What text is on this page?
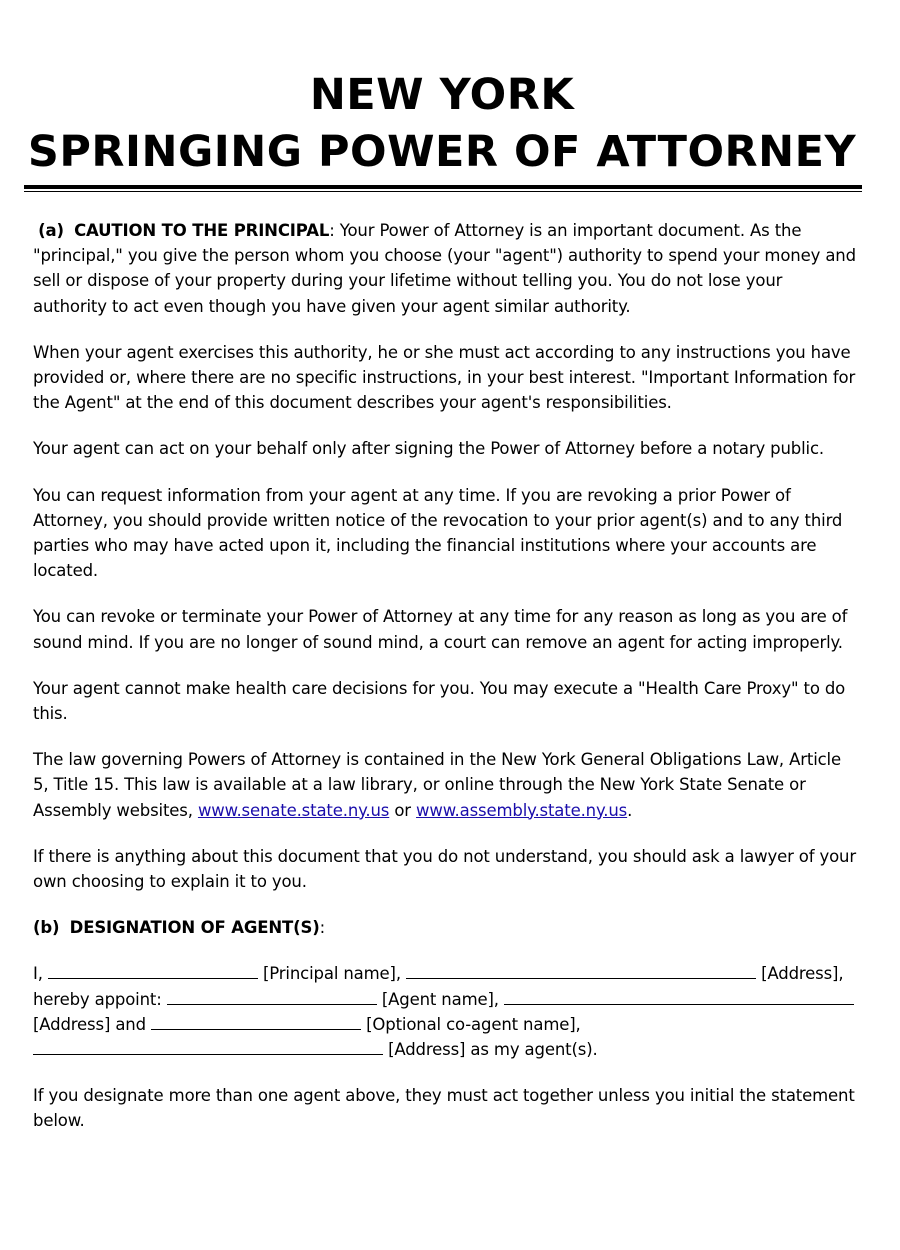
NEW YORK
SPRINGING POWER OF ATTORNEY

(a) CAUTION TO THE PRINCIPAL: Your Power of Attorney is an important document. As the "principal," you give the person whom you choose (your "agent") authority to spend your money and sell or dispose of your property during your lifetime without telling you. You do not lose your authority to act even though you have given your agent similar authority.

When your agent exercises this authority, he or she must act according to any instructions you have provided or, where there are no specific instructions, in your best interest. "Important Information for the Agent" at the end of this document describes your agent's responsibilities.

Your agent can act on your behalf only after signing the Power of Attorney before a notary public.

You can request information from your agent at any time. If you are revoking a prior Power of Attorney, you should provide written notice of the revocation to your prior agent(s) and to any third parties who may have acted upon it, including the financial institutions where your accounts are located.

You can revoke or terminate your Power of Attorney at any time for any reason as long as you are of sound mind. If you are no longer of sound mind, a court can remove an agent for acting improperly.

Your agent cannot make health care decisions for you. You may execute a "Health Care Proxy" to do this.

The law governing Powers of Attorney is contained in the New York General Obligations Law, Article 5, Title 15. This law is available at a law library, or online through the New York State Senate or Assembly websites, www.senate.state.ny.us or www.assembly.state.ny.us.

If there is anything about this document that you do not understand, you should ask a lawyer of your own choosing to explain it to you.

(b) DESIGNATION OF AGENT(S):

I,	[Principal name],	[Address], hereby appoint:	[Agent name],  [Address] and	[Optional co-agent name],  [Address] as my agent(s).

If you designate more than one agent above, they must act together unless you initial the statement below.
